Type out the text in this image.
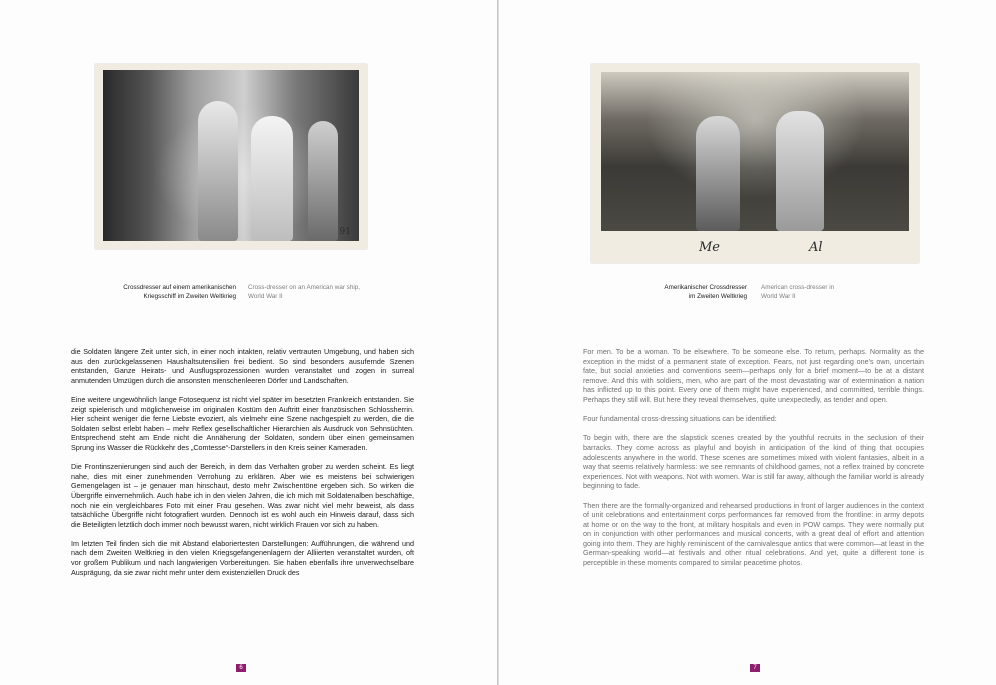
91
Crossdresser auf einem amerikanischen
Kriegsschiff im Zweiten Weltkrieg
Cross-dresser on an American war ship,
World War II

die Soldaten längere Zeit unter sich, in einer noch intakten, relativ vertrauten Umgebung, und haben sich aus den zurückgelassenen Haushaltsutensilien frei bedient. So sind besonders ausufernde Szenen entstanden, Ganze Heirats- und Ausflugsprozessionen wurden veranstaltet und zogen in surreal anmutenden Umzügen durch die ansonsten menschenleeren Dörfer und Landschaften.

Eine weitere ungewöhnlich lange Fotosequenz ist nicht viel später im besetzten Frankreich entstanden. Sie zeigt spielerisch und möglicherweise im originalen Kostüm den Auftritt einer französischen Schlossherrin. Hier scheint weniger die ferne Liebste evoziert, als vielmehr eine Szene nachgespielt zu werden, die die Soldaten selbst erlebt haben – mehr Reflex gesellschaftlicher Hierarchien als Ausdruck von Sehnsüchten. Entsprechend steht am Ende nicht die Annäherung der Soldaten, sondern über einen gemeinsamen Sprung ins Wasser die Rückkehr des „Comtesse“-Darstellers in den Kreis seiner Kameraden.

Die Frontinszenierungen sind auch der Bereich, in dem das Verhalten grober zu werden scheint. Es liegt nahe, dies mit einer zunehmenden Verrohung zu erklären. Aber wie es meistens bei schwierigen Gemengelagen ist – je genauer man hinschaut, desto mehr Zwischentöne ergeben sich. So wirken die Übergriffe einvernehmlich. Auch habe ich in den vielen Jahren, die ich mich mit Soldatenalben beschäftige, noch nie ein vergleichbares Foto mit einer Frau gesehen. Was zwar nicht viel mehr beweist, als dass tatsächliche Übergriffe nicht fotografiert wurden. Dennoch ist es wohl auch ein Hinweis darauf, dass sich die Beteiligten letztlich doch immer noch bewusst waren, nicht wirklich Frauen vor sich zu haben.

Im letzten Teil finden sich die mit Abstand elaboriertesten Darstellungen: Aufführungen, die während und nach dem Zweiten Weltkrieg in den vielen Kriegsgefangenenlagern der Alliierten veranstaltet wurden, oft vor großem Publikum und nach langwierigen Vorbereitungen. Sie haben ebenfalls ihre unverwechselbare Ausprägung, da sie zwar nicht mehr unter dem existenziellen Druck des

6
Me	Al
Amerikanischer Crossdresser
im Zweiten Weltkrieg
American cross-dresser in
World War II

For men. To be a woman. To be elsewhere. To be someone else. To return, perhaps. Normality as the exception in the midst of a permanent state of exception. Fears, not just regarding one's own, uncertain fate, but social anxieties and conventions seem—perhaps only for a brief moment—to be at a distant remove. And this with soldiers, men, who are part of the most devastating war of extermination a nation has inflicted up to this point. Every one of them might have experienced, and committed, terrible things. Perhaps they still will. But here they reveal themselves, quite unexpectedly, as tender and open.

Four fundamental cross-dressing situations can be identified:

To begin with, there are the slapstick scenes created by the youthful recruits in the seclusion of their barracks. They come across as playful and boyish in anticipation of the kind of thing that occupies adolescents anywhere in the world. These scenes are sometimes mixed with violent fantasies, albeit in a way that seems relatively harmless: we see remnants of childhood games, not a reflex trained by concrete experiences. Not with weapons. Not with women. War is still far away, although the familiar world is already beginning to fade.

Then there are the formally-organized and rehearsed productions in front of larger audiences in the context of unit celebrations and entertainment corps performances far removed from the frontline: in army depots at home or on the way to the front, at military hospitals and even in POW camps. They were normally put on in conjunction with other performances and musical concerts, with a great deal of effort and attention going into them. They are highly reminiscent of the carnivalesque antics that were common—at least in the German-speaking world—at festivals and other ritual celebrations. And yet, quite a different tone is perceptible in these moments compared to similar peacetime photos.

7
